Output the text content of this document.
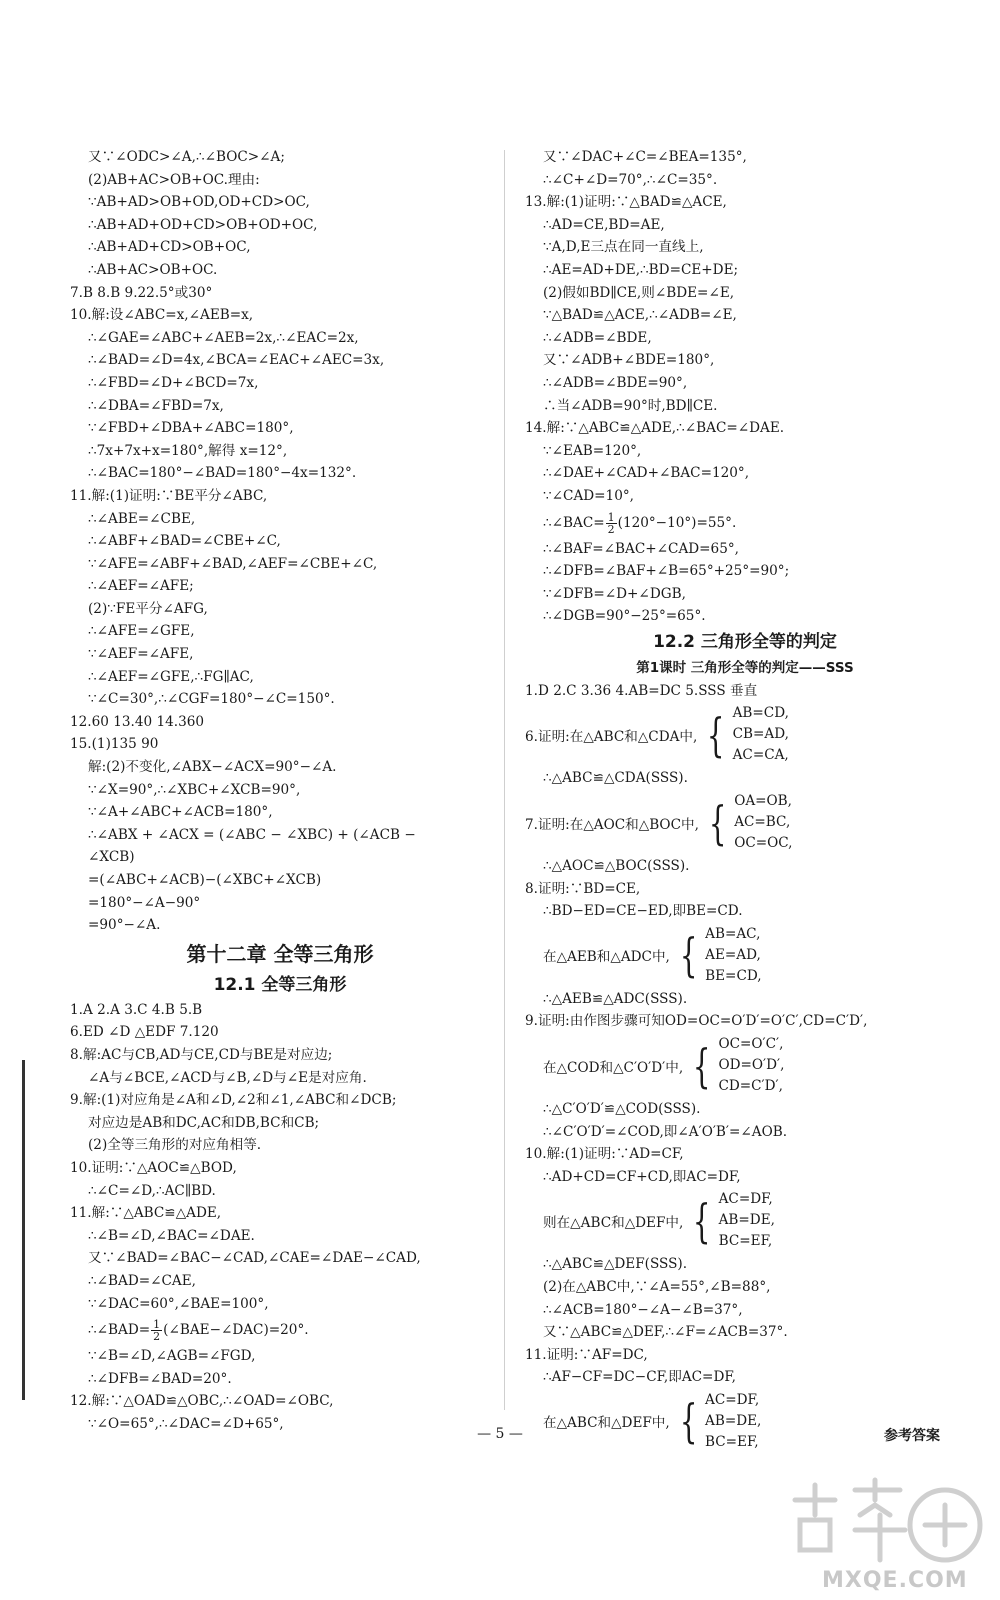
又∵∠ODC>∠A,∴∠BOC>∠A;
(2)AB+AC>OB+OC.理由:
∵AB+AD>OB+OD,OD+CD>OC,
∴AB+AD+OD+CD>OB+OD+OC,
∴AB+AD+CD>OB+OC,
∴AB+AC>OB+OC.
7.B 8.B 9.22.5°或30°
10.解:设∠ABC=x,∠AEB=x,
∴∠GAE=∠ABC+∠AEB=2x,∴∠EAC=2x,
∴∠BAD=∠D=4x,∠BCA=∠EAC+∠AEC=3x,
∴∠FBD=∠D+∠BCD=7x,
∴∠DBA=∠FBD=7x,
∵∠FBD+∠DBA+∠ABC=180°,
∴7x+7x+x=180°,解得 x=12°,
∴∠BAC=180°−∠BAD=180°−4x=132°.
11.解:(1)证明:∵BE平分∠ABC,
∴∠ABE=∠CBE,
∴∠ABF+∠BAD=∠CBE+∠C,
∵∠AFE=∠ABF+∠BAD,∠AEF=∠CBE+∠C,
∴∠AEF=∠AFE;
(2)∵FE平分∠AFG,
∴∠AFE=∠GFE,
∵∠AEF=∠AFE,
∴∠AEF=∠GFE,∴FG∥AC,
∵∠C=30°,∴∠CGF=180°−∠C=150°.
12.60 13.40 14.360
15.(1)135 90
解:(2)不变化,∠ABX−∠ACX=90°−∠A.
∵∠X=90°,∴∠XBC+∠XCB=90°,
∵∠A+∠ABC+∠ACB=180°,
∴∠ABX + ∠ACX = (∠ABC − ∠XBC) + (∠ACB −
∠XCB)
=(∠ABC+∠ACB)−(∠XBC+∠XCB)
=180°−∠A−90°
=90°−∠A.
第十二章 全等三角形
12.1 全等三角形
1.A 2.A 3.C 4.B 5.B
6.ED ∠D △EDF 7.120
8.解:AC与CB,AD与CE,CD与BE是对应边;
∠A与∠BCE,∠ACD与∠B,∠D与∠E是对应角.
9.解:(1)对应角是∠A和∠D,∠2和∠1,∠ABC和∠DCB;
对应边是AB和DC,AC和DB,BC和CB;
(2)全等三角形的对应角相等.
10.证明:∵△AOC≌△BOD,
∴∠C=∠D,∴AC∥BD.
11.解:∵△ABC≌△ADE,
∴∠B=∠D,∠BAC=∠DAE.
又∵∠BAD=∠BAC−∠CAD,∠CAE=∠DAE−∠CAD,
∴∠BAD=∠CAE,
∵∠DAC=60°,∠BAE=100°,
∴∠BAD= $\frac{1}{2}$ (∠BAE−∠DAC)=20°.
∵∠B=∠D,∠AGB=∠FGD,
∴∠DFB=∠BAD=20°.
12.解:∵△OAD≌△OBC,∴∠OAD=∠OBC,
∵∠O=65°,∴∠DAC=∠D+65°,
又∵∠DAC+∠C=∠BEA=135°,
∴∠C+∠D=70°,∴∠C=35°.
13.解:(1)证明:∵△BAD≌△ACE,
∴AD=CE,BD=AE,
∵A,D,E三点在同一直线上,
∴AE=AD+DE,∴BD=CE+DE;
(2)假如BD∥CE,则∠BDE=∠E,
∵△BAD≌△ACE,∴∠ADB=∠E,
∴∠ADB=∠BDE,
又∵∠ADB+∠BDE=180°,
∴∠ADB=∠BDE=90°,
∴当∠ADB=90°时,BD∥CE.
14.解:∵△ABC≌△ADE,∴∠BAC=∠DAE.
∵∠EAB=120°,
∴∠DAE+∠CAD+∠BAC=120°,
∵∠CAD=10°,
∴∠BAC= $\frac{1}{2} (120^\circ-10^\circ)=55^\circ$.
∴∠BAF=∠BAC+∠CAD=65°,
∴∠DFB=∠BAF+∠B=65°+25°=90°;
∵∠DFB=∠D+∠DGB,
∴∠DGB=90°−25°=65°.
12.2 三角形全等的判定
第1课时 三角形全等的判定——SSS
1.D 2.C 3.36 4.AB=DC 5.SSS 垂直
6.证明:在△ABC和△CDA中, { AB=CD,
CB=AD,
AC=CA,
∴△ABC≌△CDA(SSS).
7.证明:在△AOC和△BOC中, { OA=OB,
AC=BC,
OC=OC,
∴△AOC≌△BOC(SSS).
8.证明:∵BD=CE,
∴BD−ED=CE−ED,即BE=CD.
在△AEB和△ADC中, { AB=AC,
AE=AD,
BE=CD,
∴△AEB≌△ADC(SSS).
9.证明:由作图步骤可知OD=OC=O′D′=O′C′,CD=C′D′,
在△COD和△C′O′D′中, { OC=O′C′,
OD=O′D′,
CD=C′D′,
∴△C′O′D′≌△COD(SSS).
∴∠C′O′D′=∠COD,即∠A′O′B′=∠AOB.
10.解:(1)证明:∵AD=CF,
∴AD+CD=CF+CD,即AC=DF,
则在△ABC和△DEF中, { AC=DF,
AB=DE,
BC=EF,
∴△ABC≌△DEF(SSS).
(2)在△ABC中,∵∠A=55°,∠B=88°,
∴∠ACB=180°−∠A−∠B=37°,
又∵△ABC≌△DEF,∴∠F=∠ACB=37°.
11.证明:∵AF=DC,
∴AF−CF=DC−CF,即AC=DF,
在△ABC和△DEF中, { AC=DF,
AB=DE,
BC=EF,
— 5 —	参考答案
MXQE.COM
